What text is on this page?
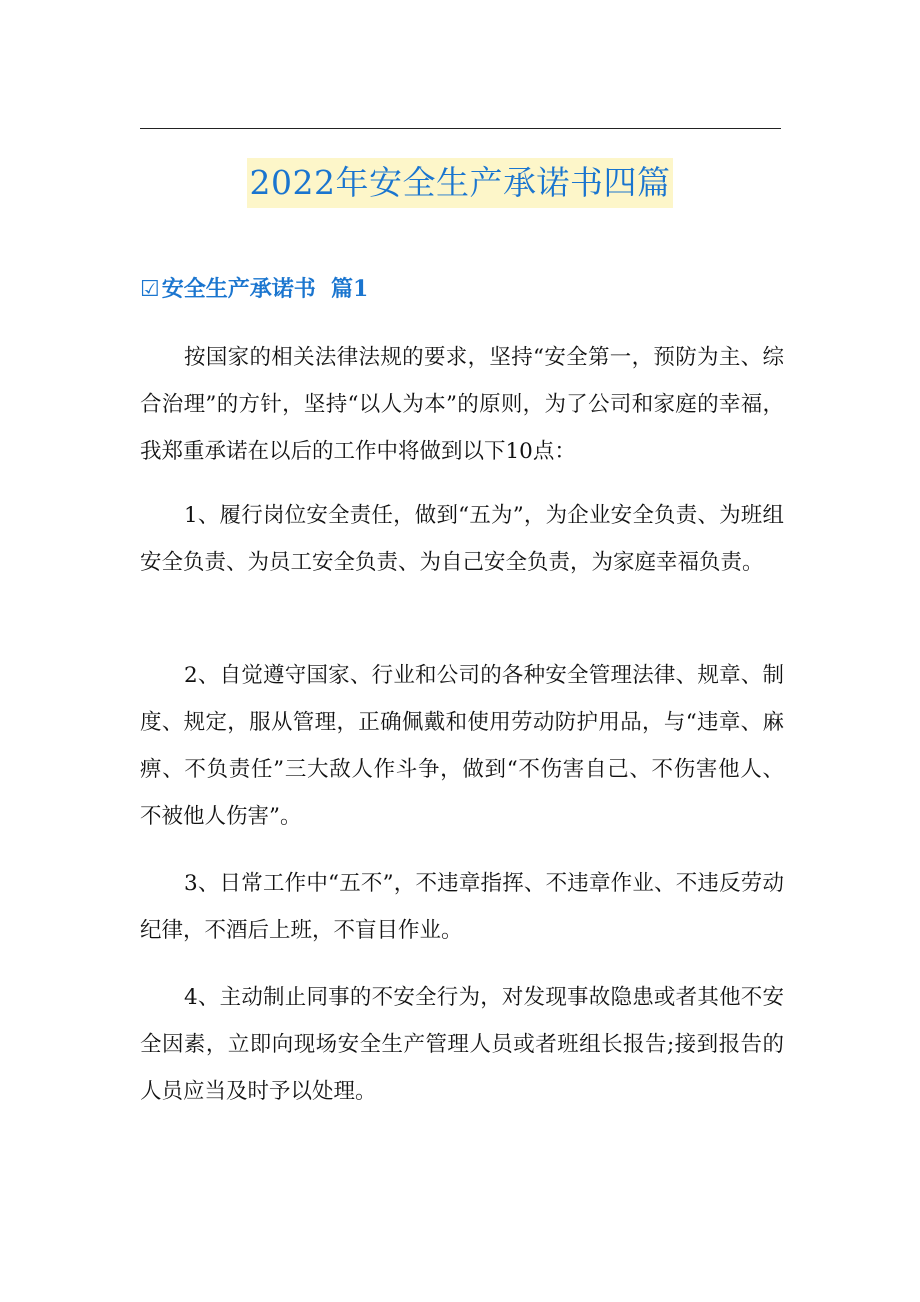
2022年安全生产承诺书四篇
☑安全生产承诺书  篇1

按国家的相关法律法规的要求，坚持“安全第一，预防为主、综合治理”的方针，坚持“以人为本”的原则，为了公司和家庭的幸福，我郑重承诺在以后的工作中将做到以下10点：

1、履行岗位安全责任，做到“五为”，为企业安全负责、为班组安全负责、为员工安全负责、为自己安全负责，为家庭幸福负责。

2、自觉遵守国家、行业和公司的各种安全管理法律、规章、制度、规定，服从管理，正确佩戴和使用劳动防护用品，与“违章、麻痹、不负责任”三大敌人作斗争，做到“不伤害自己、不伤害他人、不被他人伤害”。

3、日常工作中“五不”，不违章指挥、不违章作业、不违反劳动纪律，不酒后上班，不盲目作业。

4、主动制止同事的不安全行为，对发现事故隐患或者其他不安全因素，立即向现场安全生产管理人员或者班组长报告;接到报告的人员应当及时予以处理。
